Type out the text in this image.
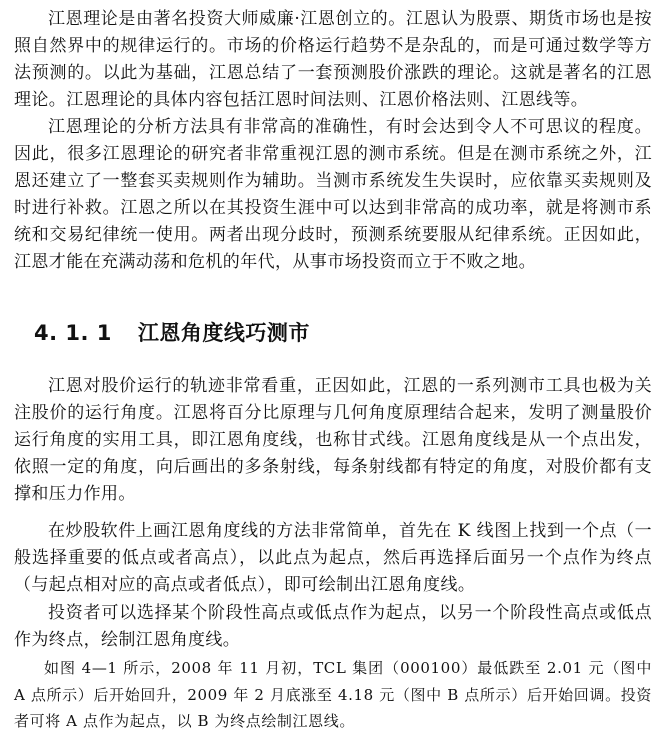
江恩理论是由著名投资大师威廉·江恩创立的。江恩认为股票、期货市场也是按照自然界中的规律运行的。市场的价格运行趋势不是杂乱的，而是可通过数学等方法预测的。以此为基础，江恩总结了一套预测股价涨跌的理论。这就是著名的江恩理论。江恩理论的具体内容包括江恩时间法则、江恩价格法则、江恩线等。

江恩理论的分析方法具有非常高的准确性，有时会达到令人不可思议的程度。因此，很多江恩理论的研究者非常重视江恩的测市系统。但是在测市系统之外，江恩还建立了一整套买卖规则作为辅助。当测市系统发生失误时，应依靠买卖规则及时进行补救。江恩之所以在其投资生涯中可以达到非常高的成功率，就是将测市系统和交易纪律统一使用。两者出现分歧时，预测系统要服从纪律系统。正因如此，江恩才能在充满动荡和危机的年代，从事市场投资而立于不败之地。

4. 1. 1 江恩角度线巧测市

江恩对股价运行的轨迹非常看重，正因如此，江恩的一系列测市工具也极为关注股价的运行角度。江恩将百分比原理与几何角度原理结合起来，发明了测量股价运行角度的实用工具，即江恩角度线，也称甘式线。江恩角度线是从一个点出发，依照一定的角度，向后画出的多条射线，每条射线都有特定的角度，对股价都有支撑和压力作用。

在炒股软件上画江恩角度线的方法非常简单，首先在 K 线图上找到一个点（一般选择重要的低点或者高点），以此点为起点，然后再选择后面另一个点作为终点（与起点相对应的高点或者低点），即可绘制出江恩角度线。

投资者可以选择某个阶段性高点或低点作为起点，以另一个阶段性高点或低点作为终点，绘制江恩角度线。

如图 4—1 所示，2008 年 11 月初，TCL 集团（000100）最低跌至 2.01 元（图中 A 点所示）后开始回升，2009 年 2 月底涨至 4.18 元（图中 B 点所示）后开始回调。投资者可将 A 点作为起点，以 B 为终点绘制江恩线。
